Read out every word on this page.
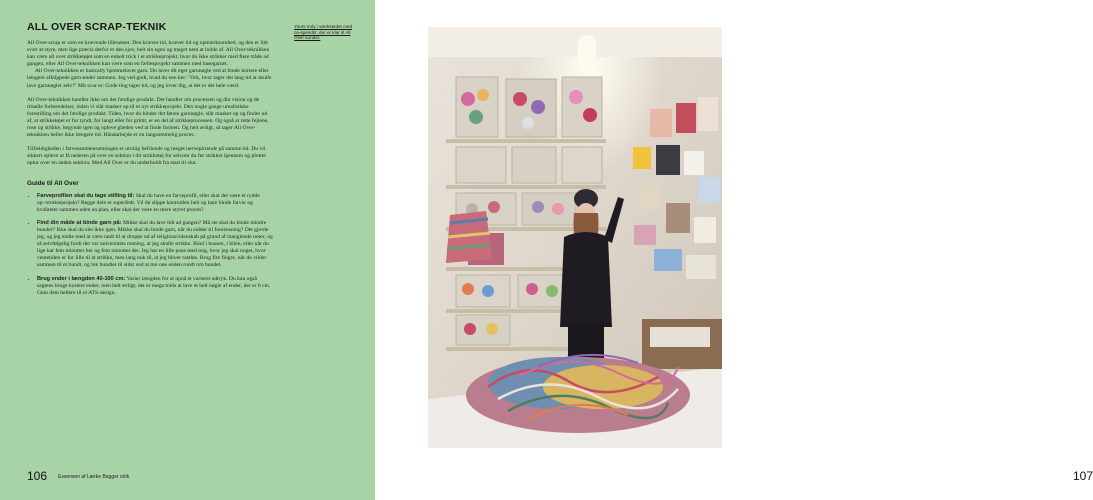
ALL OVER SCRAP-TEKNIK

All Over-scrap er som en krævende lillesøster. Den kræver tid, kræver tid og opmærksomhed, og den er lidt svær at styre, men lige præcis derfor er den sjov, helt sin egen og meget nem at holde af. All Over-teknikken kan være all over strikketøjet som en enkelt trick i et strikkeprojekt, hvor du ikke strikker med flere tråde ad gangen, eller All Over-teknikken kan være som en fællesprojekt sammen med basegarnet.

All Over-teknikken er basically hjemmelavet garn. Du laver dit eget garnnøgle ved at binde kortere eller længere afklippede garn-ender sammen. Jeg ved godt, hvad du tæn ker: "Ork, hvor tager det lang tid at skulle lave garnnøgler selv!" Mit svar er: Gode ting tager tid, og jeg lover dig, at det er det hele værd.

All Over-teknikken handler ikke om det færdige produkt. Det handler om processen og din vision og de rituelle forberedelser, inden vi slår masker op til et nyt strikkeprojekt. Den nogle gange urealistiske forestilling om det færdige produkt. Tiden, hvor du binder det første garnnøgle, slår masker op og finder ud af, at strikketøjet er for tyndt, for langt eller for grimt, er en del af strikkeprocessen. Og også at rette fejlene, rose og strikke, begynde igen og opleve glæden ved at finde formen. Og helt ærligt, så tager All Over-teknikken heller ikke længere tid. Håndarbejde er en langsommelig proces.

Tilfældigheden i farvesammensætningen er utrolig befriende og meget nervepirrende på samme tid. Du vil sikkert opleve at få nederen på over en sektion i dit strikketøj for selvom du før strikket igennem og plottet optur over en anden sektion. Med All Over er du underholdt fra start til slut.

Guide til All Over
• Farveprofilen skal du tage stilling til: Skal du have en farveprofil, eller skal det være et rydde op-/strukteprojekt? Begge dele er superfedt. Vil du slippe kontrollen helt og bare binde farver og kvaliteter sammen uden en plan, eller skal der være en mere styret proces?
• Find din måde at binde garn på: Mikke skal du lave lidt ad gangen? Må ste skal du binde mindre bunder? Ikke skal du slet ikke igen. Mikke skal du binde garn, når du sidder til forelæsning? Det gjorde jeg, og jeg endte med at være nødt til at droppe ud af religionsvidenskab på grund af manglende noter, og så selvfølgelig fordi det var universitets mening, at jeg skulle strikke. Bind i bussen, i bilen, eller når du lige har fem minutter her og fem minutter der. Jeg har en lille pose med mig, hvor jeg skal noget, hvor ventetiden er for lille til at strikke, men lang nok til, at jeg bliver rastløs. Brug fire fingre, når du vikler sammen til et bundt, og lok bundtet til sidst ved at mo one enden rundt om bundet.
• Brug ender i længden 40-100 cm: Varier længden for at opnå et varieret udtryk. Du kan også sagtens bruge kortere ender, men helt ærligt, det er mega træls at lave et helt nøgle af ender, der er 8 cm. Gem dem hellere til et ATS-design.
Yours truly i værkstedet med ca-spendst, der er klar til All Over kunder.
106 Essensen af Lærke Bagger strik	107
